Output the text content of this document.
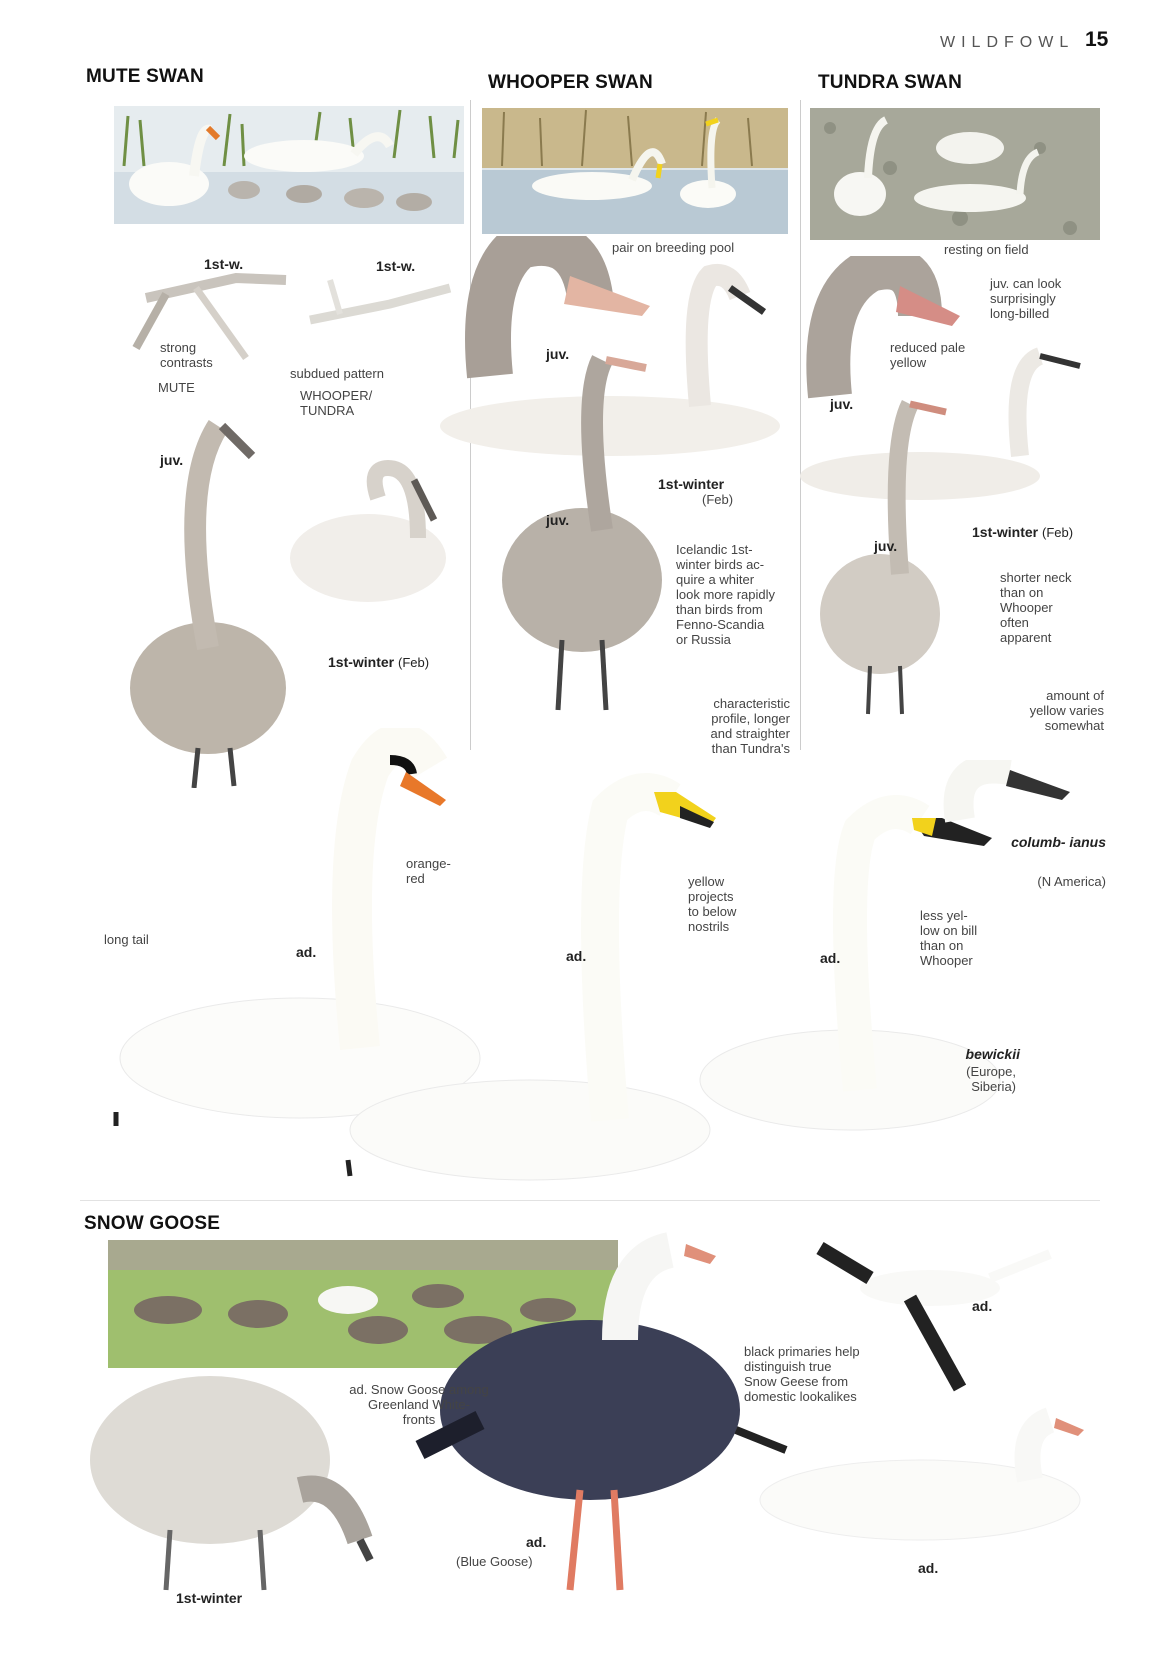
WILDFOWL 15
MUTE SWAN	WHOOPER SWAN	TUNDRA SWAN
SNOW GOOSE
1st-w.	1st-w.
strong
contrasts
MUTE
subdued pattern
WHOOPER/
TUNDRA
juv.
1st-winter (Feb)
orange-
red
long tail
ad.
pair on breeding pool
juv.
1st-winter
(Feb)
juv.
Icelandic 1st-
winter birds ac-
quire a whiter
look more rapidly
than birds from
Fenno-Scandia
or Russia
characteristic
profile, longer
and straighter
than Tundra's
yellow
projects
to below
nostrils
ad.
resting on field
juv. can look
surprisingly
long-billed
reduced pale
yellow
juv.
1st-winter (Feb)
juv.
shorter neck
than on
Whooper
often
apparent
amount of
yellow varies
somewhat
columb- ianus
(N America)
less yel-
low on bill
than on
Whooper
ad.
bewickii
(Europe,
Siberia)
ad. Snow Goose among
Greenland White-
fronts
black primaries help
distinguish true
Snow Geese from
domestic lookalikes
ad.
ad.
(Blue Goose)	ad.
1st-winter
